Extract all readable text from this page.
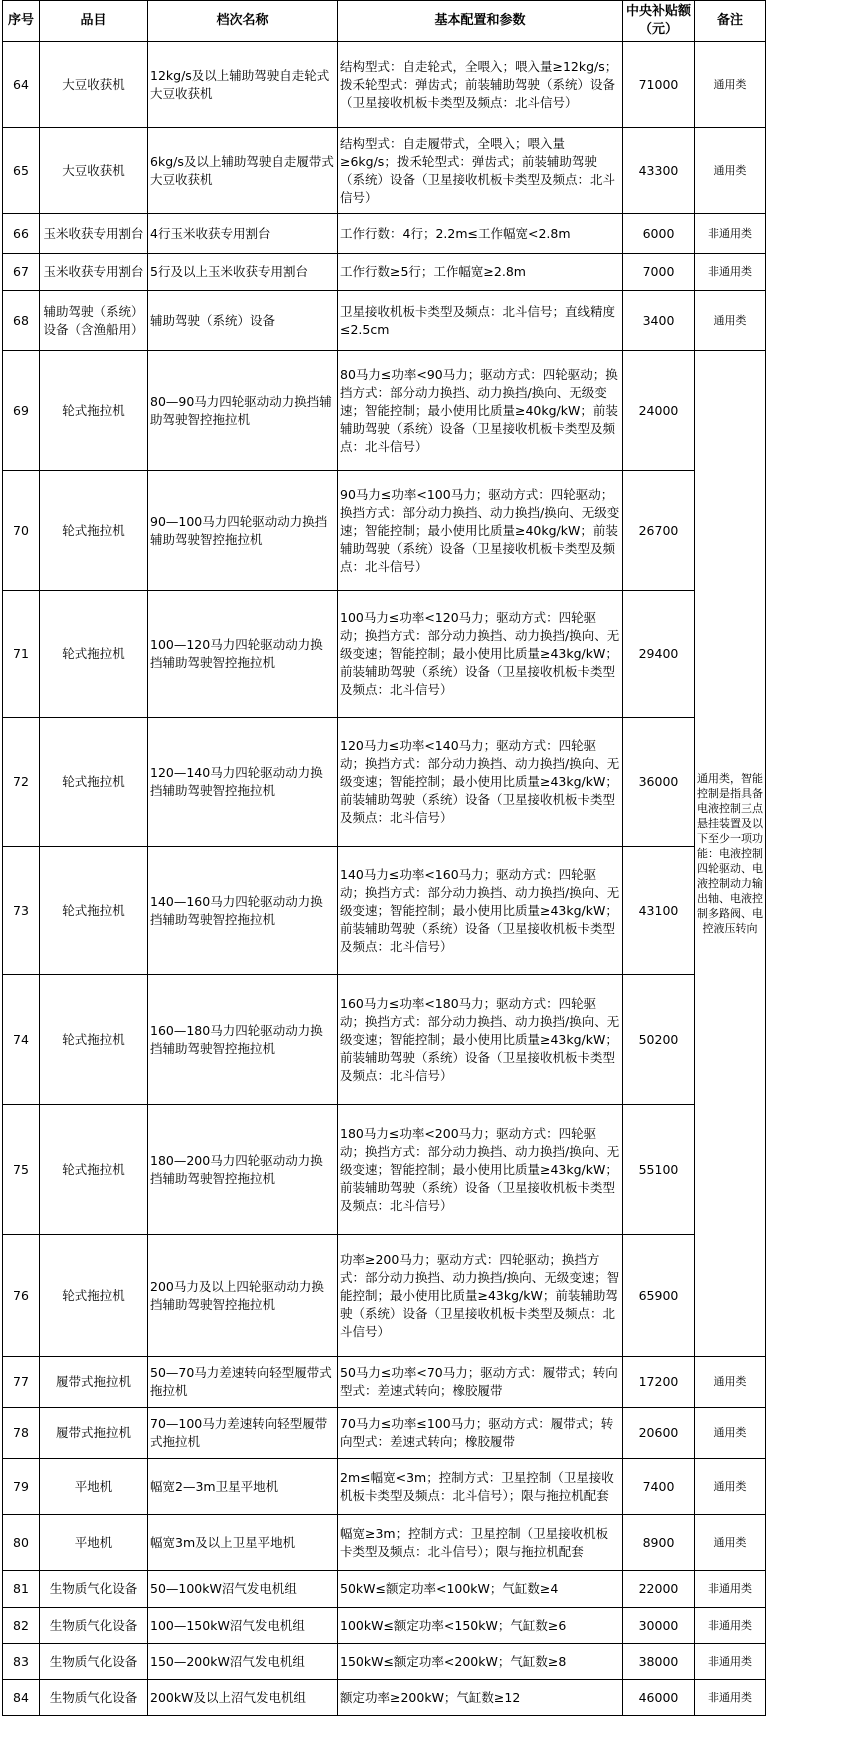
序号	品目	档次名称	基本配置和参数	中央补贴额（元）	备注
64	大豆收获机	12kg/s及以上辅助驾驶自走轮式大豆收获机	结构型式：自走轮式，全喂入；喂入量≥12kg/s；拨禾轮型式：弹齿式；前装辅助驾驶（系统）设备（卫星接收机板卡类型及频点：北斗信号）	71000	通用类
65	大豆收获机	6kg/s及以上辅助驾驶自走履带式大豆收获机	结构型式：自走履带式，全喂入；喂入量≥6kg/s；拨禾轮型式：弹齿式；前装辅助驾驶（系统）设备（卫星接收机板卡类型及频点：北斗信号）	43300	通用类
66	玉米收获专用割台	4行玉米收获专用割台	工作行数：4行；2.2m≤工作幅宽<2.8m	6000	非通用类
67	玉米收获专用割台	5行及以上玉米收获专用割台	工作行数≥5行；工作幅宽≥2.8m	7000	非通用类
68	辅助驾驶（系统）设备（含渔船用）	辅助驾驶（系统）设备	卫星接收机板卡类型及频点：北斗信号；直线精度≤2.5cm	3400	通用类
69	轮式拖拉机	80—90马力四轮驱动动力换挡辅助驾驶智控拖拉机	80马力≤功率<90马力；驱动方式：四轮驱动；换挡方式：部分动力换挡、动力换挡/换向、无级变速；智能控制；最小使用比质量≥40kg/kW；前装辅助驾驶（系统）设备（卫星接收机板卡类型及频点：北斗信号）	24000	通用类，智能控制是指具备电液控制三点悬挂装置及以下至少一项功能：电液控制四轮驱动、电液控制动力输出轴、电液控制多路阀、电控液压转向
70	轮式拖拉机	90—100马力四轮驱动动力换挡辅助驾驶智控拖拉机	90马力≤功率<100马力；驱动方式：四轮驱动；换挡方式：部分动力换挡、动力换挡/换向、无级变速；智能控制；最小使用比质量≥40kg/kW；前装辅助驾驶（系统）设备（卫星接收机板卡类型及频点：北斗信号）	26700	
71	轮式拖拉机	100—120马力四轮驱动动力换挡辅助驾驶智控拖拉机	100马力≤功率<120马力；驱动方式：四轮驱动；换挡方式：部分动力换挡、动力换挡/换向、无级变速；智能控制；最小使用比质量≥43kg/kW；前装辅助驾驶（系统）设备（卫星接收机板卡类型及频点：北斗信号）	29400	
72	轮式拖拉机	120—140马力四轮驱动动力换挡辅助驾驶智控拖拉机	120马力≤功率<140马力；驱动方式：四轮驱动；换挡方式：部分动力换挡、动力换挡/换向、无级变速；智能控制；最小使用比质量≥43kg/kW；前装辅助驾驶（系统）设备（卫星接收机板卡类型及频点：北斗信号）	36000	
73	轮式拖拉机	140—160马力四轮驱动动力换挡辅助驾驶智控拖拉机	140马力≤功率<160马力；驱动方式：四轮驱动；换挡方式：部分动力换挡、动力换挡/换向、无级变速；智能控制；最小使用比质量≥43kg/kW；前装辅助驾驶（系统）设备（卫星接收机板卡类型及频点：北斗信号）	43100	
74	轮式拖拉机	160—180马力四轮驱动动力换挡辅助驾驶智控拖拉机	160马力≤功率<180马力；驱动方式：四轮驱动；换挡方式：部分动力换挡、动力换挡/换向、无级变速；智能控制；最小使用比质量≥43kg/kW；前装辅助驾驶（系统）设备（卫星接收机板卡类型及频点：北斗信号）	50200	
75	轮式拖拉机	180—200马力四轮驱动动力换挡辅助驾驶智控拖拉机	180马力≤功率<200马力；驱动方式：四轮驱动；换挡方式：部分动力换挡、动力换挡/换向、无级变速；智能控制；最小使用比质量≥43kg/kW；前装辅助驾驶（系统）设备（卫星接收机板卡类型及频点：北斗信号）	55100	
76	轮式拖拉机	200马力及以上四轮驱动动力换挡辅助驾驶智控拖拉机	功率≥200马力；驱动方式：四轮驱动；换挡方式：部分动力换挡、动力换挡/换向、无级变速；智能控制；最小使用比质量≥43kg/kW；前装辅助驾驶（系统）设备（卫星接收机板卡类型及频点：北斗信号）	65900	
77	履带式拖拉机	50—70马力差速转向轻型履带式拖拉机	50马力≤功率<70马力；驱动方式：履带式；转向型式：差速式转向；橡胶履带	17200	通用类
78	履带式拖拉机	70—100马力差速转向轻型履带式拖拉机	70马力≤功率≤100马力；驱动方式：履带式；转向型式：差速式转向；橡胶履带	20600	通用类
79	平地机	幅宽2—3m卫星平地机	2m≤幅宽<3m；控制方式：卫星控制（卫星接收机板卡类型及频点：北斗信号）；限与拖拉机配套	7400	通用类
80	平地机	幅宽3m及以上卫星平地机	幅宽≥3m；控制方式：卫星控制（卫星接收机板卡类型及频点：北斗信号）；限与拖拉机配套	8900	通用类
81	生物质气化设备	50—100kW沼气发电机组	50kW≤额定功率<100kW；气缸数≥4	22000	非通用类
82	生物质气化设备	100—150kW沼气发电机组	100kW≤额定功率<150kW；气缸数≥6	30000	非通用类
83	生物质气化设备	150—200kW沼气发电机组	150kW≤额定功率<200kW；气缸数≥8	38000	非通用类
84	生物质气化设备	200kW及以上沼气发电机组	额定功率≥200kW；气缸数≥12	46000	非通用类
